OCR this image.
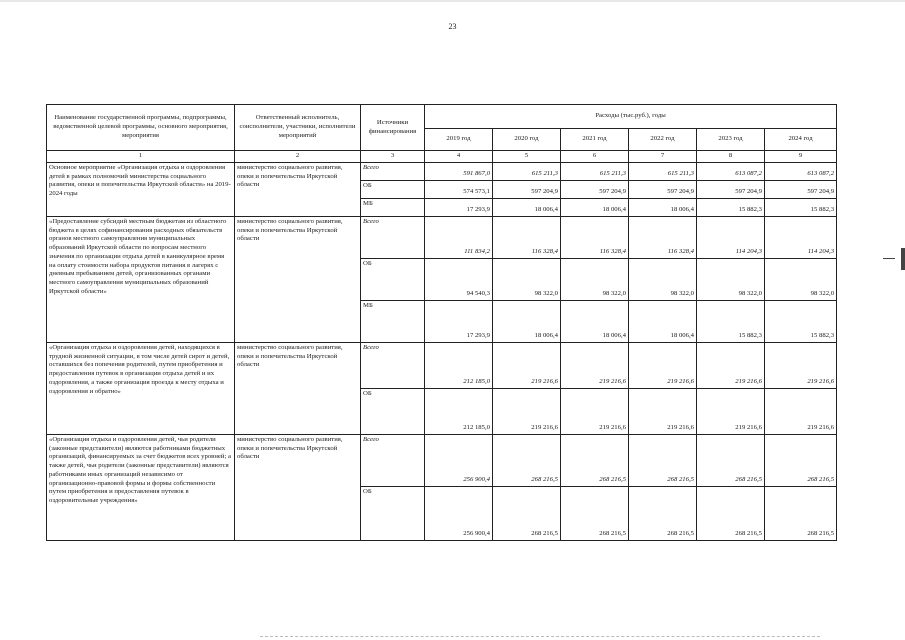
23
Наименование государственной программы, подпрограммы, ведомственной целевой программы, основного мероприятия, мероприятия	Ответственный исполнитель, соисполнители, участники, исполнители мероприятий	Источники финансирования	Расходы (тыс.руб.), годы					
			2019 год	2020 год	2021 год	2022 год	2023 год	2024 год
1	2	3	4	5	6	7	8	9
Основное мероприятие «Организация отдыха и оздоровления детей в рамках полномочий министерства социального развития, опеки и попечительства Иркутской области» на 2019-2024 годы	министерство социального развития, опеки и попечительства Иркутской области	Всего	591 867,0	615 211,3	615 211,3	615 211,3	613 087,2	613 087,2
		ОБ	574 573,1	597 204,9	597 204,9	597 204,9	597 204,9	597 204,9
		МБ	17 293,9	18 006,4	18 006,4	18 006,4	15 882,3	15 882,3
«Предоставление субсидий местным бюджетам из областного бюджета в целях софинансирования расходных обязательств органов местного самоуправления муниципальных образований Иркутской области по вопросам местного значения по организации отдыха детей в каникулярное время на оплату стоимости набора продуктов питания в лагерях с дневным пребыванием детей, организованных органами местного самоуправления муниципальных образований Иркутской области»	министерство социального развития, опеки и попечительства Иркутской области	Всего	111 834,2	116 328,4	116 328,4	116 328,4	114 204,3	114 204,3
		ОБ	94 540,3	98 322,0	98 322,0	98 322,0	98 322,0	98 322,0
		МБ	17 293,9	18 006,4	18 006,4	18 006,4	15 882,3	15 882,3
«Организация отдыха и оздоровления детей, находящихся в трудной жизненной ситуации, в том числе детей сирот и детей, оставшихся без попечения родителей, путем приобретения и предоставления путевок в организации отдыха детей и их оздоровления, а также организация проезда к месту отдыха и оздоровления и обратно»	министерство социального развития, опеки и попечительства Иркутской области	Всего	212 185,0	219 216,6	219 216,6	219 216,6	219 216,6	219 216,6
		ОБ	212 185,0	219 216,6	219 216,6	219 216,6	219 216,6	219 216,6
«Организация отдыха и оздоровления детей, чьи родители (законные представители) являются работниками бюджетных организаций, финансируемых за счет бюджетов всех уровней; а также детей, чьи родители (законные представители) являются работниками иных организаций независимо от организационно-правовой формы и формы собственности путем приобретения и предоставления путевок в оздоровительные учреждения»	министерство социального развития, опеки и попечительства Иркутской области	Всего	256 900,4	268 216,5	268 216,5	268 216,5	268 216,5	268 216,5
		ОБ	256 900,4	268 216,5	268 216,5	268 216,5	268 216,5	268 216,5
